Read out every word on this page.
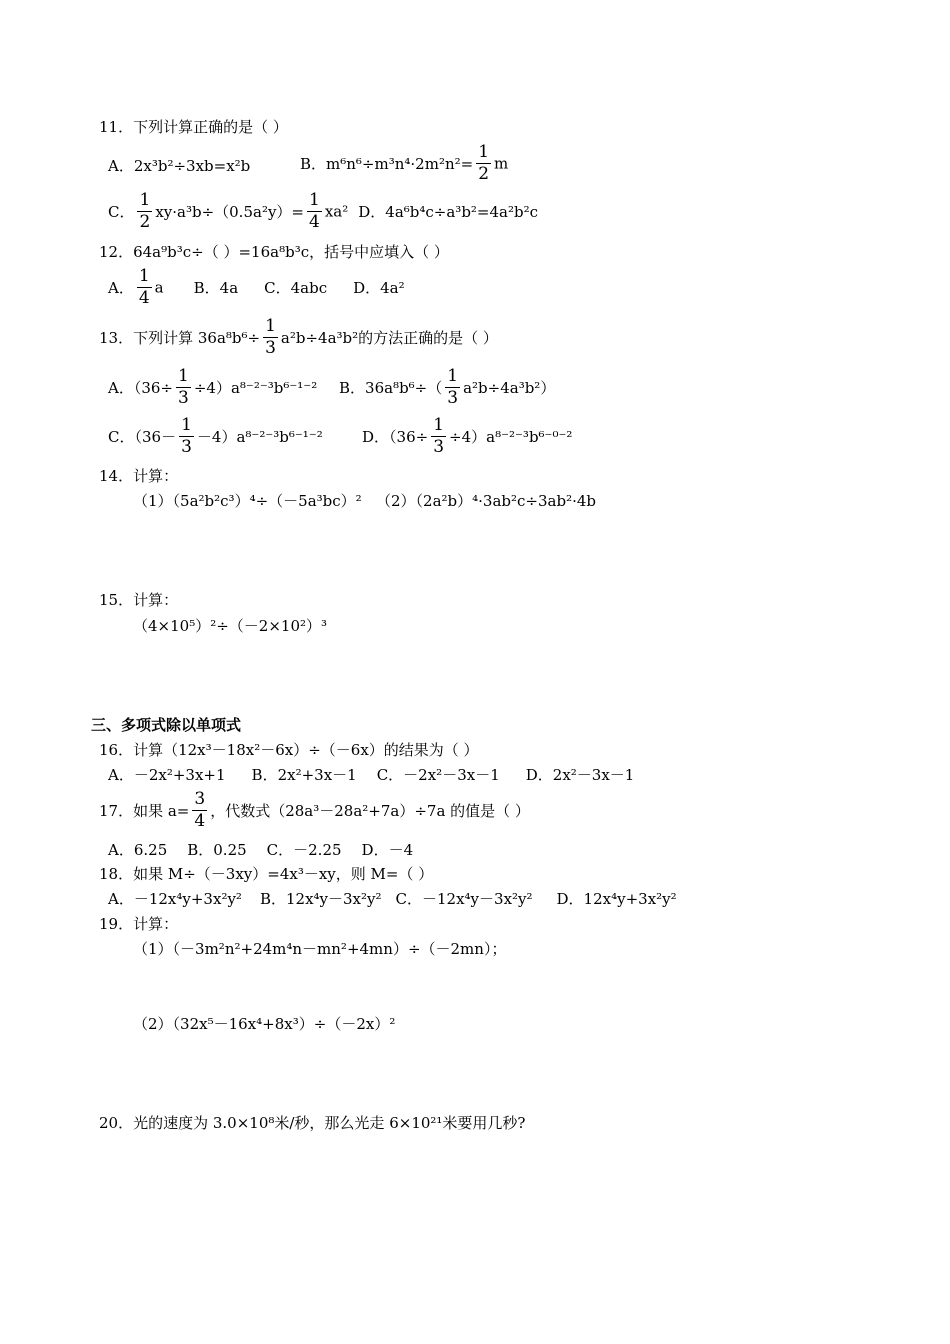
11．下列计算正确的是（ ）
A．2x³b²÷3xb=x²b	B．$m^6n^6\div m^3n^4\cdot 2m^2n^2= \frac{1}{2}$ m
C． $\frac{1}{2} xy\cdot a^3b\div(0.5a^2y)= \frac{1}{4} xa^2$ D．4a⁶b⁴c÷a³b²=4a²b²c
12．64a⁹b³c÷（ ）=16a⁸b³c，括号中应填入（ ）
A． $\frac{1}{4}$ a B．4a C．4abc D．4a²
13．下列计算 $36a^8b^6\div \frac{1}{3} a^2b\div 4a^3b^2$的方法正确的是（ ）
A．$(36\div \frac{1}{3} \div 4)a^{8-2-3}b^{6-1-2}$ B．$36a^8b^6\div( \frac{1}{3} a^2b\div 4a^3b^2)$
C．$(36- \frac{1}{3} -4)a^{8-2-3}b^{6-1-2}$	D．$(36\div \frac{1}{3} \div 4)a^{8-2-3}b^{6-0-2}$
14．计算：
（1）（5a²b²c³）⁴÷（－5a³bc）² （2）（2a²b）⁴·3ab²c÷3ab²·4b
15．计算：
（4×10⁵）²÷（－2×10²）³
三、多项式除以单项式
16．计算（12x³－18x²－6x）÷（－6x）的结果为（ ）
A．－2x²+3x+1 B．2x²+3x－1 C．－2x²－3x－1 D．2x²－3x－1
17．如果 $a= \frac{3}{4}$ ，代数式（28a³－28a²+7a）÷7a 的值是（ ）
A．6.25 B．0.25 C．－2.25 D．－4
18．如果 M÷（－3xy）=4x³－xy，则 M=（ ）
A．－12x⁴y+3x²y² B．12x⁴y－3x²y² C．－12x⁴y－3x²y² D．12x⁴y+3x²y²
19．计算：
（1）（－3m²n²+24m⁴n－mn²+4mn）÷（－2mn）；
（2）（32x⁵－16x⁴+8x³）÷（－2x）²
20．光的速度为 3.0×10⁸米/秒，那么光走 6×10²¹米要用几秒?
